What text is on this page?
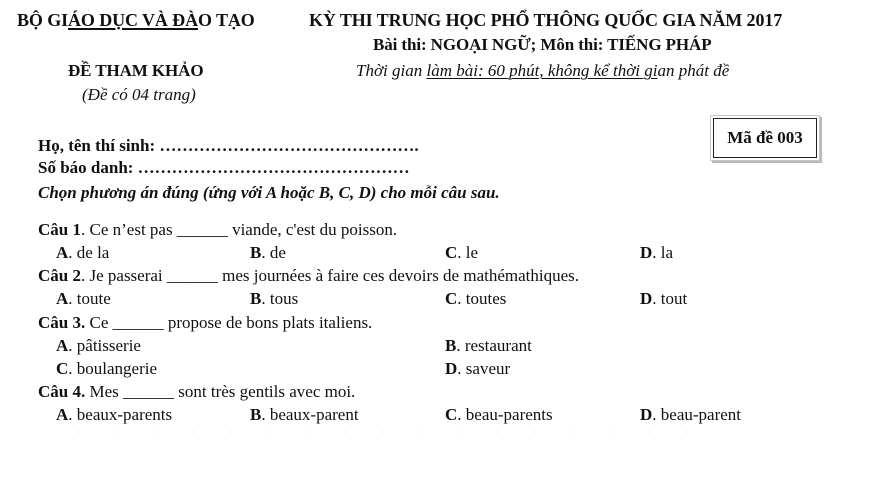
BỘ GIÁO DỤC VÀ ĐÀO TẠO	KỲ THI TRUNG HỌC PHỔ THÔNG QUỐC GIA NĂM 2017
Bài thi: NGOẠI NGỮ; Môn thi: TIẾNG PHÁP
ĐỀ THAM KHẢO
(Đề có 04 trang)
Thời gian làm bài: 60 phút, không kể thời gian phát đề
Họ, tên thí sinh: ……………………………………….
Số báo danh: …………………………………………
Mã đề 003
Chọn phương án đúng (ứng với A hoặc B, C, D) cho mỗi câu sau.
Câu 1. Ce n’est pas ______ viande, c'est du poisson.
A. de la	B. de	C. le	D. la
Câu 2. Je passerai ______ mes journées à faire ces devoirs de mathémathiques.
A. toute	B. tous	C. toutes	D. tout
Câu 3. Ce ______ propose de bons plats italiens.
A. pâtisserie	B. restaurant
C. boulangerie	D. saveur
Câu 4. Mes ______ sont très gentils avec moi.
A. beaux-parents	B. beaux-parent	C. beau-parents	D. beau-parent
